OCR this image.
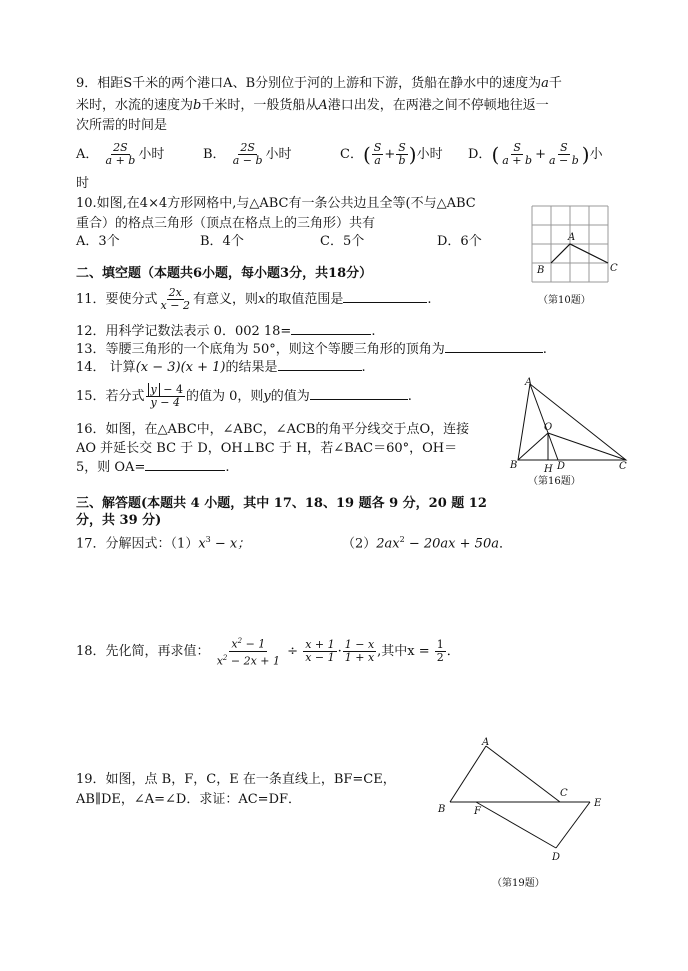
9．相距S千米的两个港口A、B分别位于河的上游和下游，货船在静水中的速度为a千
米时，水流的速度为b千米时，一般货船从A港口出发，在两港之间不停顿地往返一
次所需的时间是
A． $\frac{2S}{a + b}$ 小时	B． $\frac{2S}{a - b}$ 小时	C．( $\frac{S}{a} + \frac{S}{b}$ )小时 D．( $\frac{S}{a + b} + \frac{S}{a - b}$ )小
时
10.如图,在4×4方形网格中,与△ABC有一条公共边且全等(不与△ABC
重合）的格点三角形（顶点在格点上的三角形）共有
A．3个	B．4个	C．5个	D．6个	A
B	C
（第10题）
二、填空题（本题共6小题，每小题3分，共18分）
11．要使分式 $\frac{2x}{x - 2}$ 有意义，则x的取值范围是	.
12．用科学记数法表示 0．002 18=	.
13．等腰三角形的一个底角为 50°，则这个等腰三角形的顶角为	.
14． 计算(x − 3)(x + 1)的结果是	.
15．若分式 $\frac{y - 4}{y - 4}$ 的值为 0，则y的值为	.
16．如图，在△ABC中，∠ABC，∠ACB的角平分线交于点O，连接
AO 并延长交 BC 于 D，OH⊥BC 于 H，若∠BAC＝60°，OH＝
5，则 OA=	.
A
O
B	H D	C
（第16题）
三、解答题(本题共 4 小题，其中 17、18、19 题各 9 分，20 题 12
分，共 39 分)
17．分解因式：$(1)x^3 - x$；	$(2)2ax^2 - 20ax + 50a$．
18．先化简，再求值： $\frac{x^2 - 1}{x^2 - 2x + 1} \div \frac{x + 1}{x - 1} \cdot \frac{1 - x}{1 + x}$ ,其中$x = \frac{1}{2}$ ．
19．如图，点 B，F，C，E 在一条直线上，BF=CE，
AB∥DE，∠A=∠D．求证：AC=DF．
A
B	F
C
E
D
（第19题）
